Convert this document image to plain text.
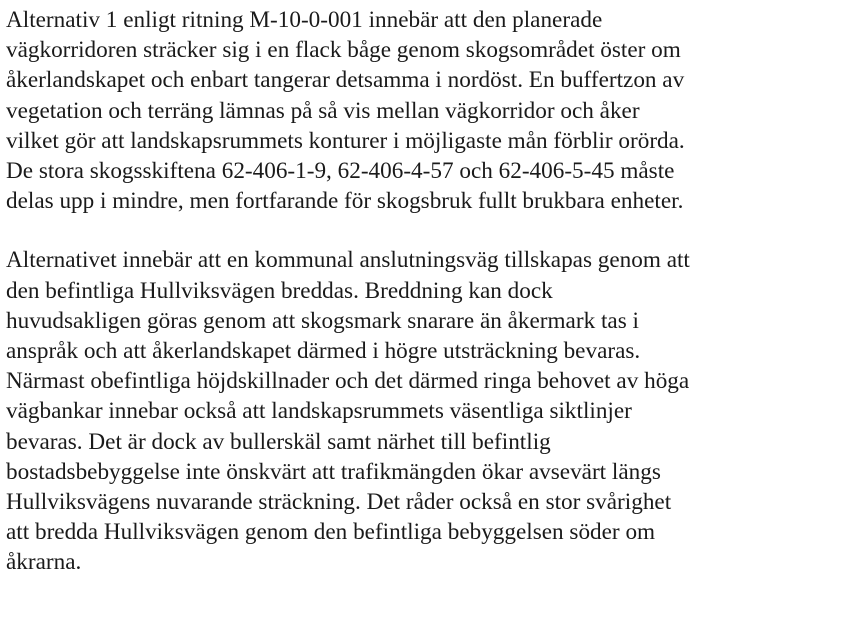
Alternativ 1 enligt ritning M-10-0-001 innebär att den planerade
vägkorridoren sträcker sig i en flack båge genom skogsområdet öster om
åkerlandskapet och enbart tangerar detsamma i nordöst. En buffertzon av
vegetation och terräng lämnas på så vis mellan vägkorridor och åker
vilket gör att landskapsrummets konturer i möjligaste mån förblir orörda.
De stora skogsskiftena 62-406-1-9, 62-406-4-57 och 62-406-5-45 måste
delas upp i mindre, men fortfarande för skogsbruk fullt brukbara enheter.

Alternativet innebär att en kommunal anslutningsväg tillskapas genom att
den befintliga Hullviksvägen breddas. Breddning kan dock
huvudsakligen göras genom att skogsmark snarare än åkermark tas i
anspråk och att åkerlandskapet därmed i högre utsträckning bevaras.
Närmast obefintliga höjdskillnader och det därmed ringa behovet av höga
vägbankar innebar också att landskapsrummets väsentliga siktlinjer
bevaras. Det är dock av bullerskäl samt närhet till befintlig
bostadsbebyggelse inte önskvärt att trafikmängden ökar avsevärt längs
Hullviksvägens nuvarande sträckning. Det råder också en stor svårighet
att bredda Hullviksvägen genom den befintliga bebyggelsen söder om
åkrarna.
